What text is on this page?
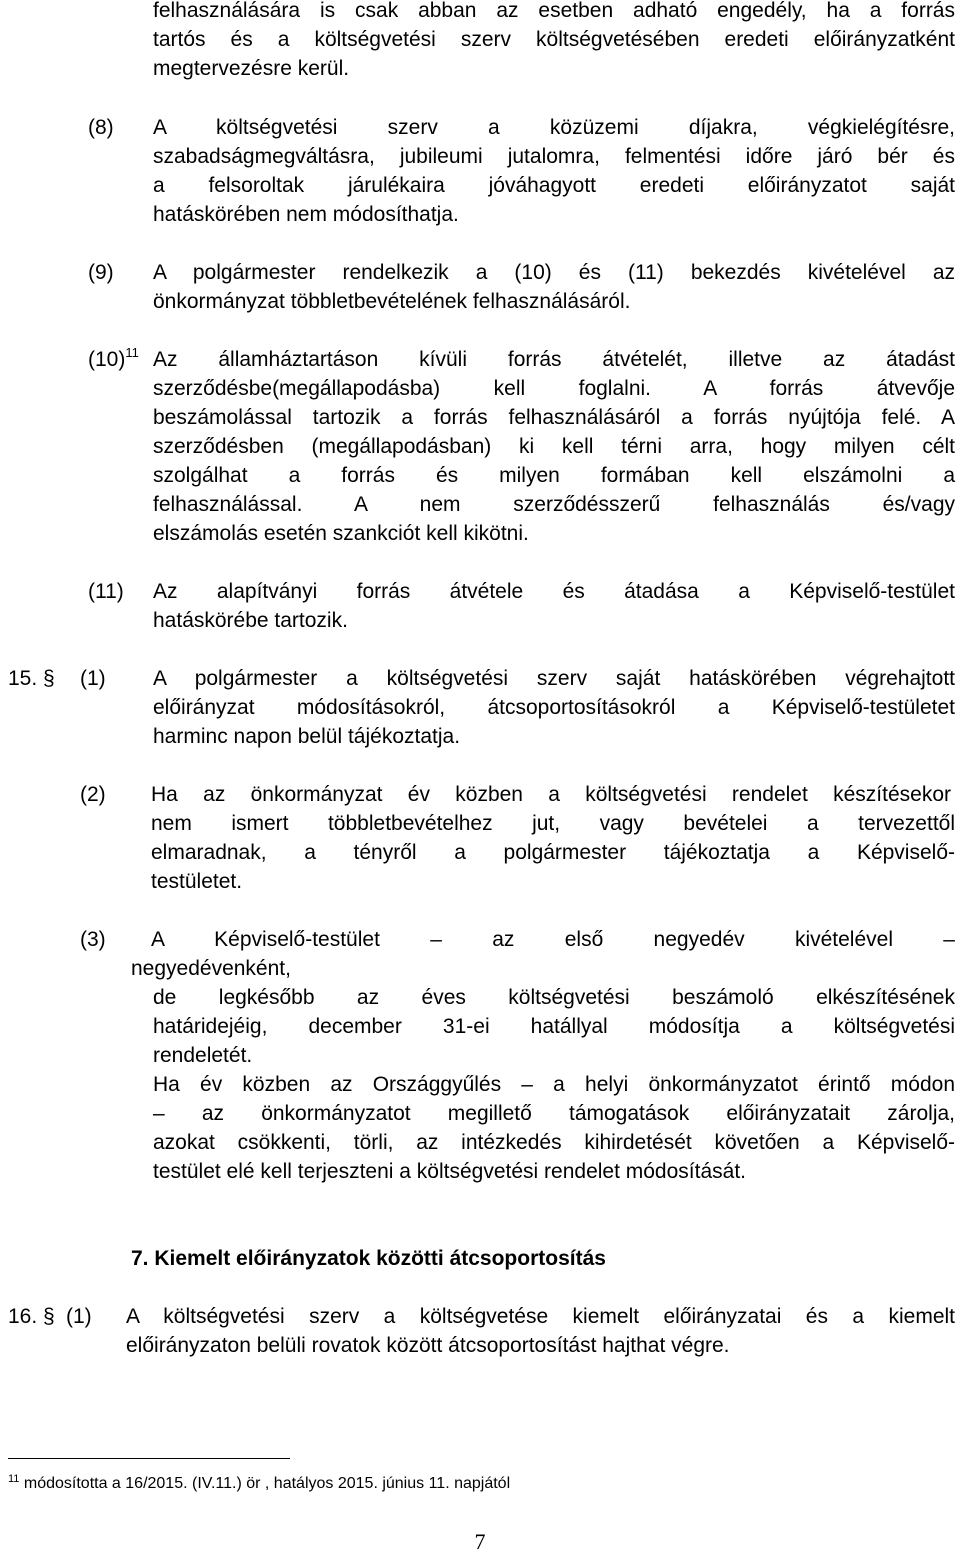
felhasználására is csak abban az esetben adható engedély, ha a forrás
tartós és a költségvetési szerv költségvetésében eredeti előirányzatként
megtervezésre kerül.
(8) A költségvetési szerv a közüzemi díjakra, végkielégítésre,
szabadságmegváltásra, jubileumi jutalomra, felmentési időre járó bér és
a felsoroltak járulékaira jóváhagyott eredeti előirányzatot saját
hatáskörében nem módosíthatja.
(9) A polgármester rendelkezik a (10) és (11) bekezdés kivételével az
önkormányzat többletbevételének felhasználásáról.
$(10)^{11}$ Az államháztartáson kívüli forrás átvételét, illetve az átadást
szerződésbe(megállapodásba) kell foglalni. A forrás átvevője
beszámolással tartozik a forrás felhasználásáról a forrás nyújtója felé. A
szerződésben (megállapodásban) ki kell térni arra, hogy milyen célt
szolgálhat a forrás és milyen formában kell elszámolni a
felhasználással. A nem szerződésszerű felhasználás és/vagy
elszámolás esetén szankciót kell kikötni.
(11) Az alapítványi forrás átvétele és átadása a Képviselő-testület
hatáskörébe tartozik.
15. § (1) A polgármester a költségvetési szerv saját hatáskörében végrehajtott
előirányzat módosításokról, átcsoportosításokról a Képviselő-testületet
harminc napon belül tájékoztatja.
(2) Ha az önkormányzat év közben a költségvetési rendelet készítésekor
nem ismert többletbevételhez jut, vagy bevételei a tervezettől
elmaradnak, a tényről a polgármester tájékoztatja a Képviselő-
testületet.
(3) A Képviselő-testület – az első negyedév kivételével –
negyedévenként,
de legkésőbb az éves költségvetési beszámoló elkészítésének
határidejéig, december 31-ei hatállyal módosítja a költségvetési
rendeletét.
Ha év közben az Országgyűlés – a helyi önkormányzatot érintő módon
– az önkormányzatot megillető támogatások előirányzatait zárolja,
azokat csökkenti, törli, az intézkedés kihirdetését követően a Képviselő-
testület elé kell terjeszteni a költségvetési rendelet módosítását.
7. Kiemelt előirányzatok közötti átcsoportosítás
16. § (1) A költségvetési szerv a költségvetése kiemelt előirányzatai és a kiemelt
előirányzaton belüli rovatok között átcsoportosítást hajthat végre.
$^{11}$ módosította a 16/2015. (IV.11.) ör , hatályos 2015. június 11. napjától
7
